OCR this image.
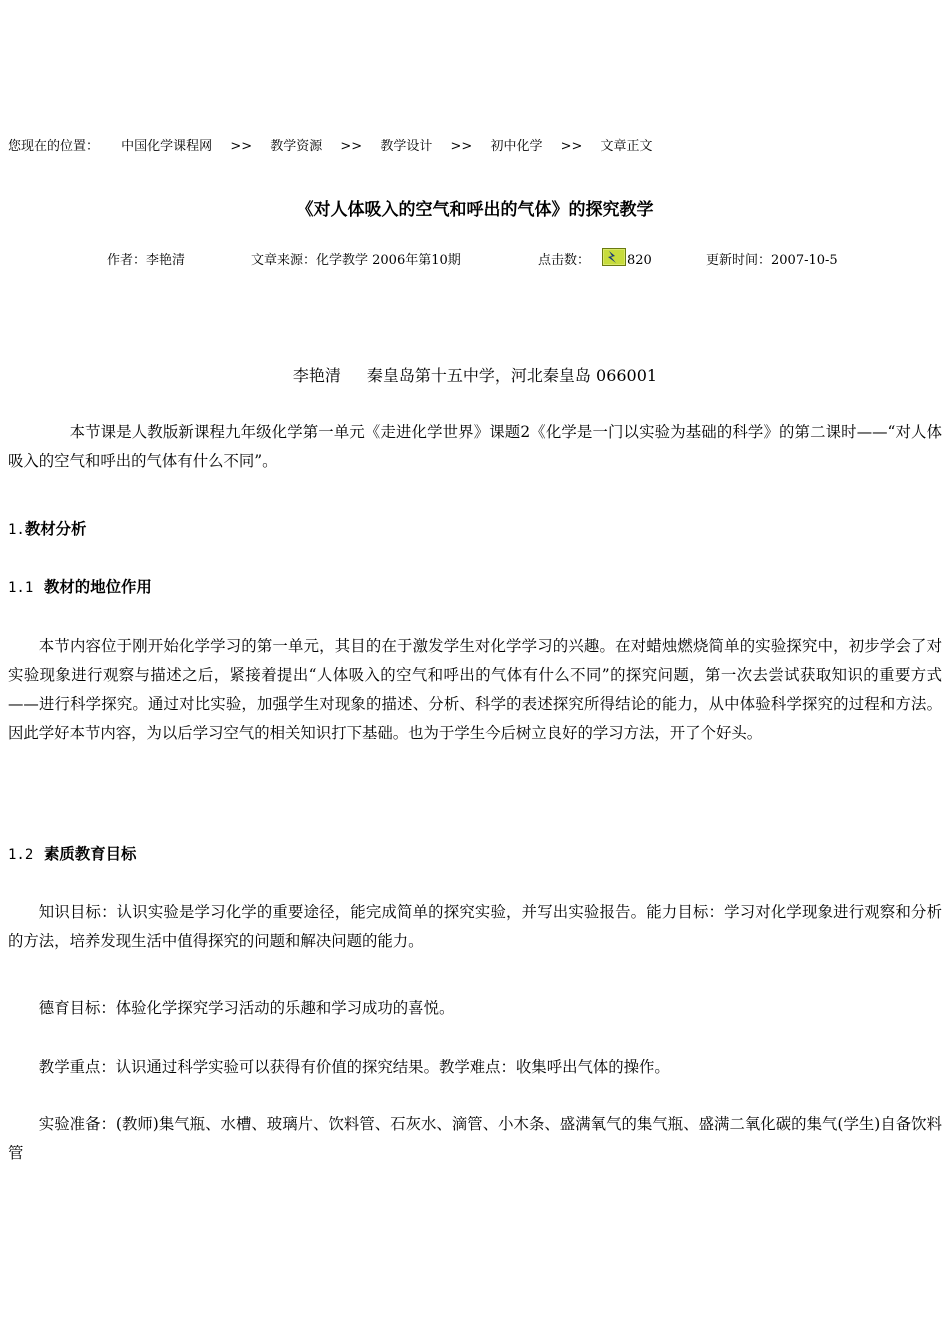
您现在的位置： 中国化学课程网 >> 教学资源 >> 教学设计 >> 初中化学 >> 文章正文
《对人体吸入的空气和呼出的气体》的探究教学
作者：李艳清	文章来源：化学教学 2006年第10期	点击数：	更新时间：2007-10-5
820
李艳清 秦皇岛第十五中学，河北秦皇岛 066001
本节课是人教版新课程九年级化学第一单元《走进化学世界》课题2《化学是一门以实验为基础的科学》的第二课时——“对人体吸入的空气和呼出的气体有什么不同”。
1.教材分析
1.1 教材的地位作用
本节内容位于刚开始化学学习的第一单元，其目的在于激发学生对化学学习的兴趣。在对蜡烛燃烧简单的实验探究中，初步学会了对实验现象进行观察与描述之后，紧接着提出“人体吸入的空气和呼出的气体有什么不同”的探究问题，第一次去尝试获取知识的重要方式——进行科学探究。通过对比实验，加强学生对现象的描述、分析、科学的表述探究所得结论的能力，从中体验科学探究的过程和方法。因此学好本节内容，为以后学习空气的相关知识打下基础。也为于学生今后树立良好的学习方法，开了个好头。
1.2 素质教育目标
知识目标：认识实验是学习化学的重要途径，能完成简单的探究实验，并写出实验报告。能力目标：学习对化学现象进行观察和分析的方法，培养发现生活中值得探究的问题和解决问题的能力。
德育目标：体验化学探究学习活动的乐趣和学习成功的喜悦。
教学重点：认识通过科学实验可以获得有价值的探究结果。教学难点：收集呼出气体的操作。
实验准备：(教师)集气瓶、水槽、玻璃片、饮料管、石灰水、滴管、小木条、盛满氧气的集气瓶、盛满二氧化碳的集气(学生)自备饮料管
